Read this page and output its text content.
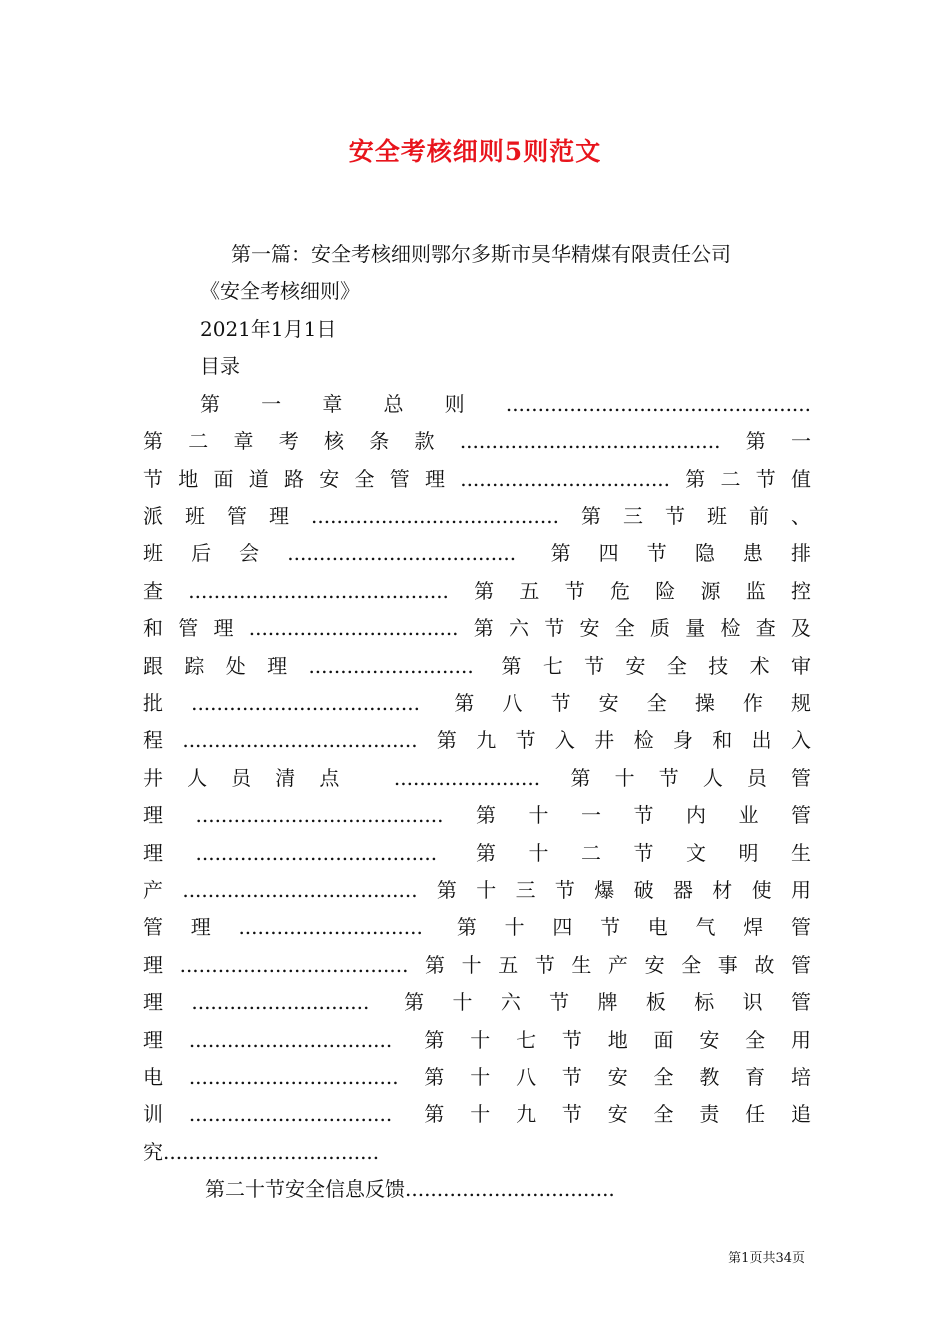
安全考核细则5则范文
第一篇：安全考核细则鄂尔多斯市昊华精煤有限责任公司
《安全考核细则》
2021年1月1日
目录
第一章总则................................................
第二章考核条款.........................................第一
节地面道路安全管理.................................第二节值
派班管理.......................................第三节班前、
班后会.................................... 第四节隐患排
查.........................................第五节危险源监控
和管理.................................第六节安全质量检查及
跟踪处理.......................... 第七节安全技术审
批.................................... 第八节安全操作规
程.....................................第九节入井检身和出入
井人员清点 ....................... 第十节人员管
理.......................................第十一节内业管
理...................................... 第十二节文明生
产.....................................第十三节爆破器材使用
管理............................. 第十四节电气焊管
理....................................第十五节生产安全事故管
理............................ 第十六节牌板标识管
理................................ 第十七节地面安全用
电.................................第十八节安全教育培
训................................ 第十九节安全责任追
究..................................
第二十节安全信息反馈.................................
第1页共34页
